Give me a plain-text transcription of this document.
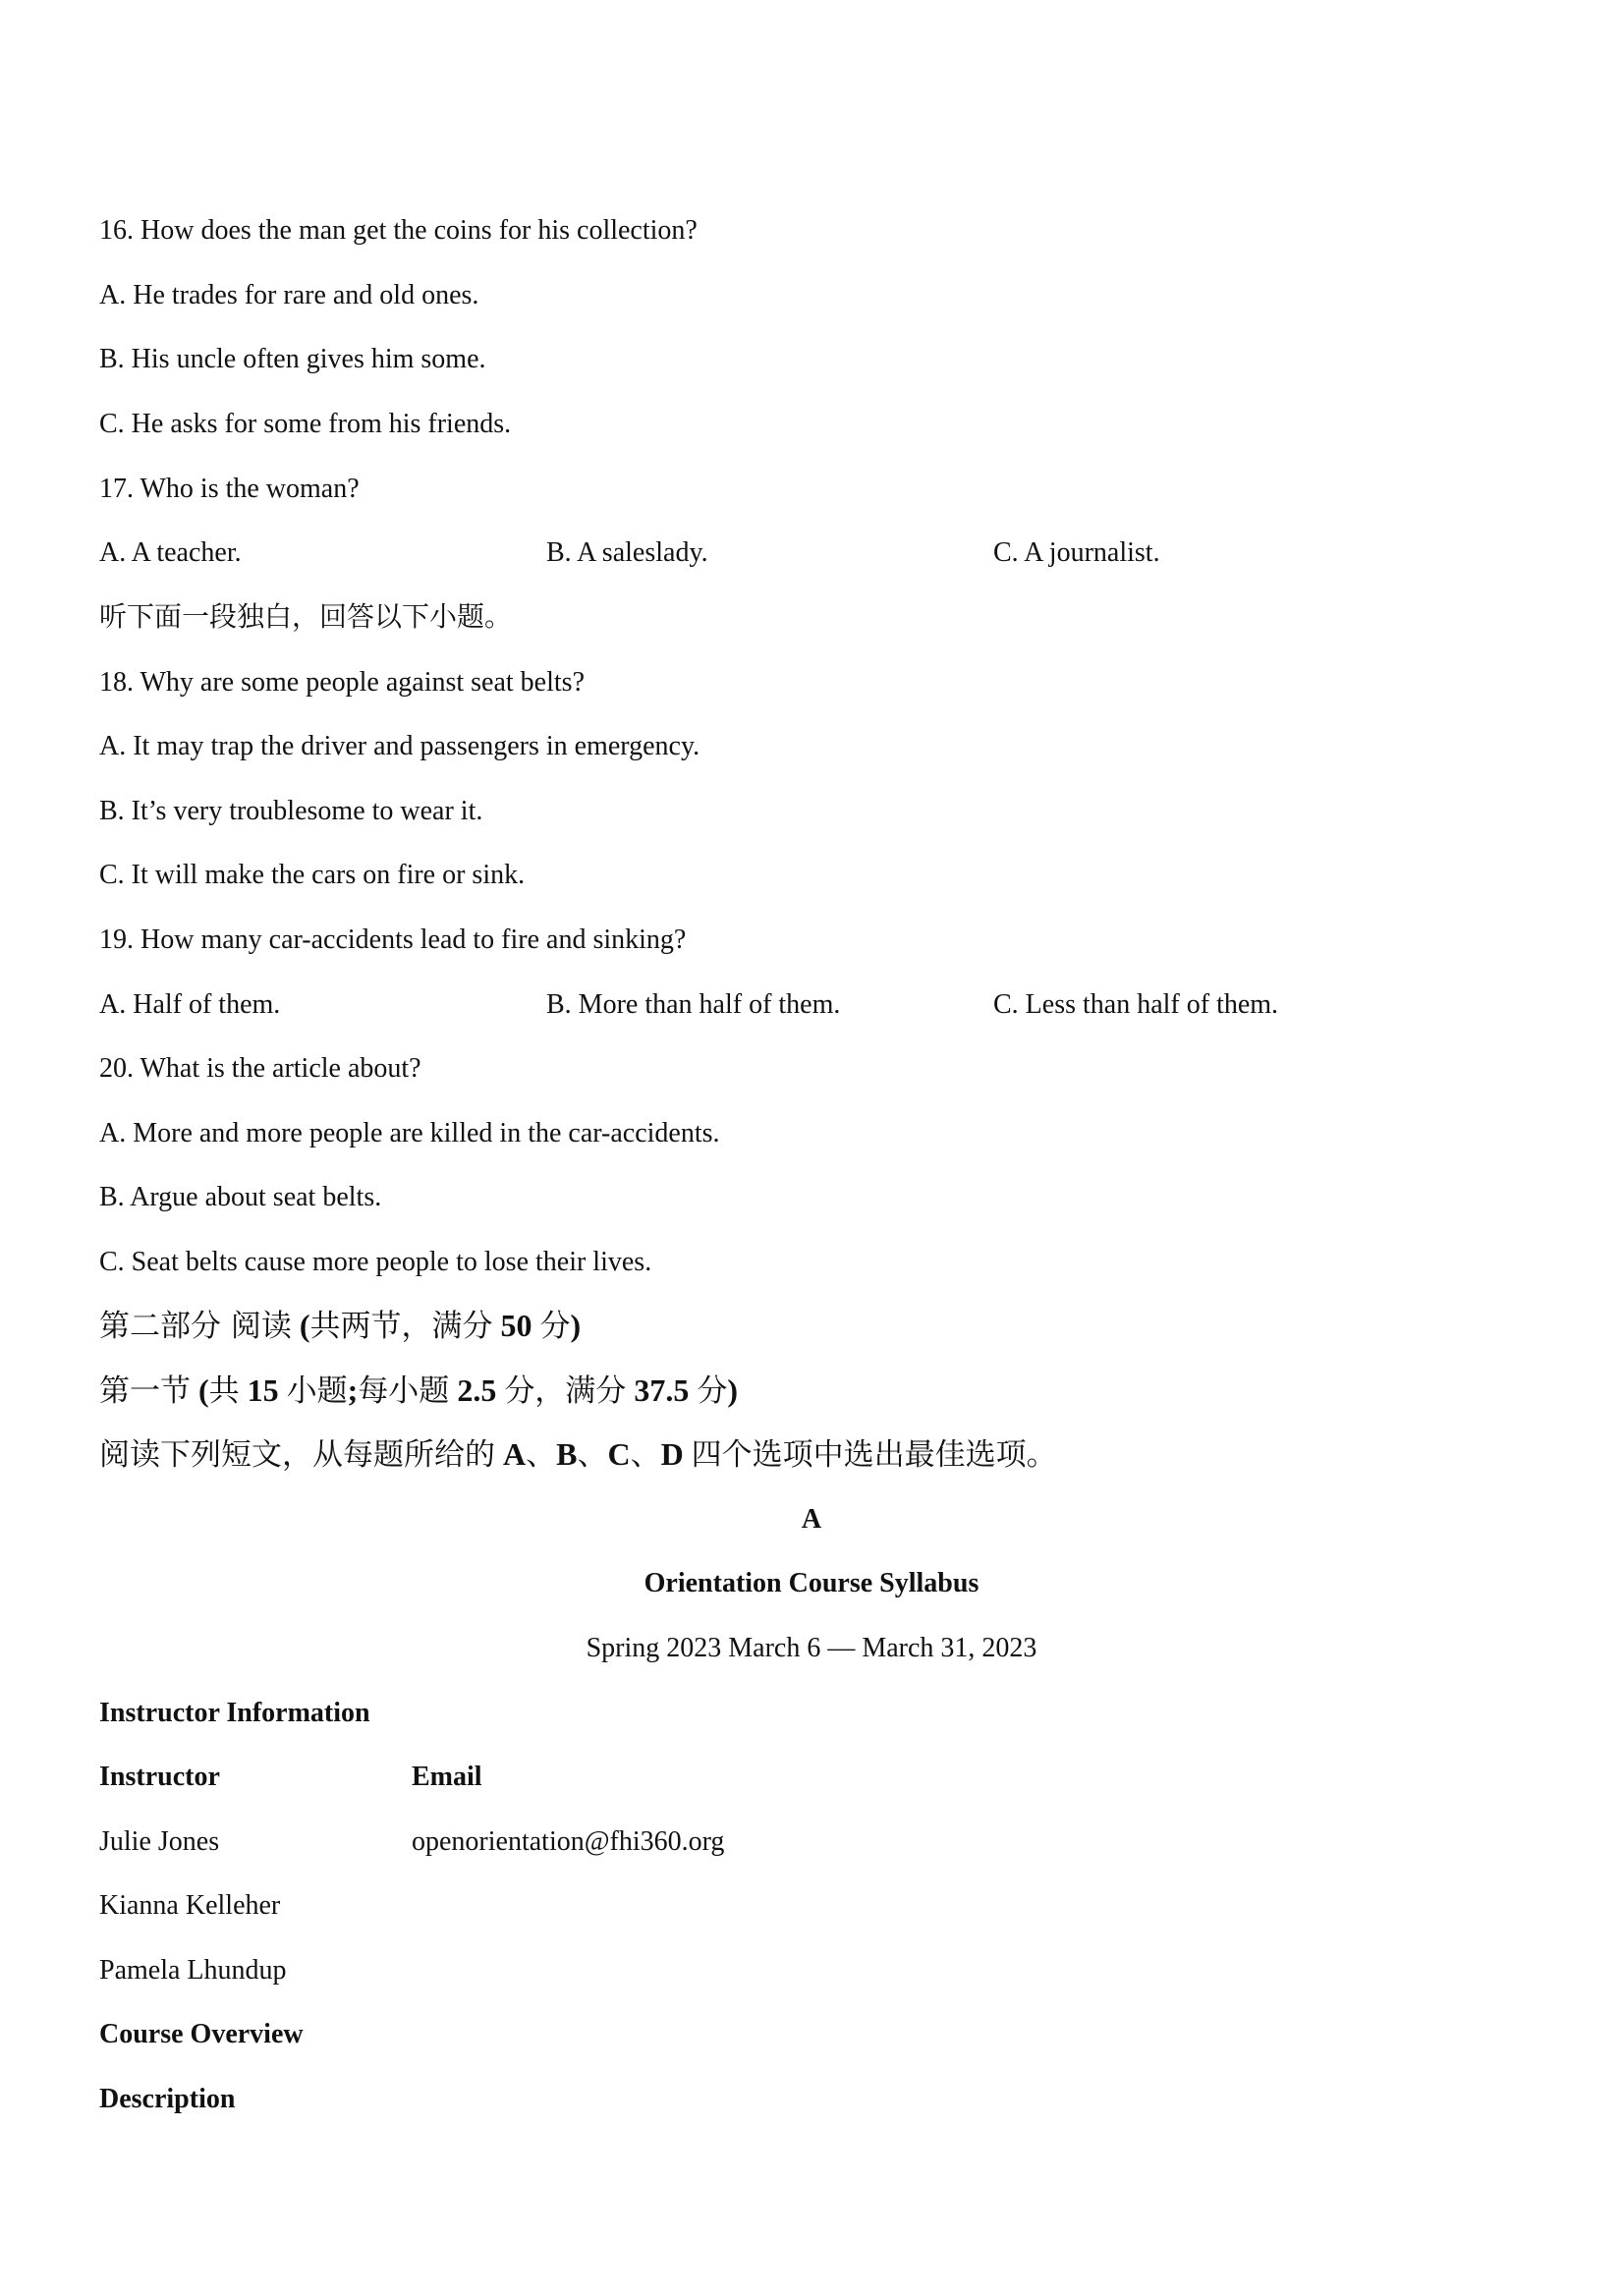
16. How does the man get the coins for his collection?
A. He trades for rare and old ones.
B. His uncle often gives him some.
C. He asks for some from his friends.
17. Who is the woman?
A. A teacher.	B. A saleslady.	C. A journalist.
听下面一段独白，回答以下小题。
18. Why are some people against seat belts?
A. It may trap the driver and passengers in emergency.
B. It’s very troublesome to wear it.
C. It will make the cars on fire or sink.
19. How many car-accidents lead to fire and sinking?
A. Half of them.	B. More than half of them.	C. Less than half of them.
20. What is the article about?
A. More and more people are killed in the car-accidents.
B. Argue about seat belts.
C. Seat belts cause more people to lose their lives.
第二部分 阅读 (共两节，满分 50 分)
第一节 (共 15 小题;每小题 2.5 分，满分 37.5 分)
阅读下列短文，从每题所给的 A、B、C、D 四个选项中选出最佳选项。
A
Orientation Course Syllabus
Spring 2023 March 6 — March 31, 2023
Instructor Information
Instructor	Email
Julie Jones	openorientation@fhi360.org
Kianna Kelleher
Pamela Lhundup
Course Overview
Description
